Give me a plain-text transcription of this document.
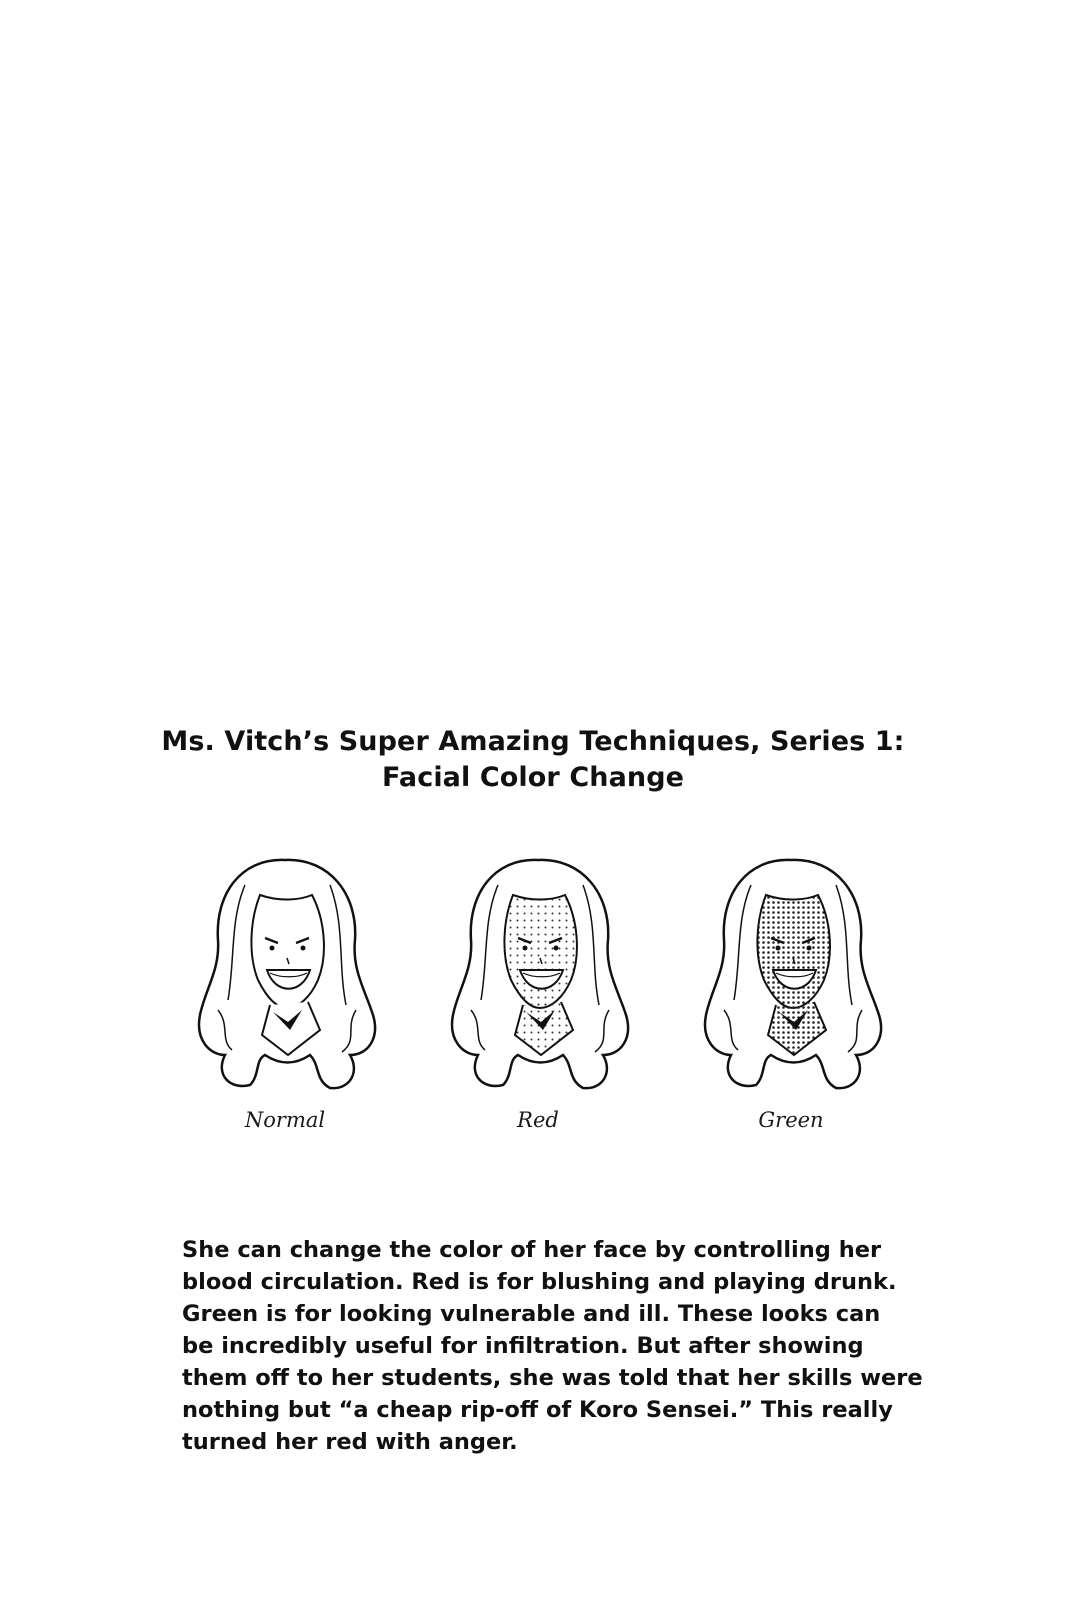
Ms. Vitch’s Super Amazing Techniques, Series 1:
Facial Color Change
Normal	Red	Green
She can change the color of her face by controlling her
blood circulation. Red is for blushing and playing drunk.
Green is for looking vulnerable and ill. These looks can
be incredibly useful for infiltration. But after showing
them off to her students, she was told that her skills were
nothing but “a cheap rip-off of Koro Sensei.” This really
turned her red with anger.
